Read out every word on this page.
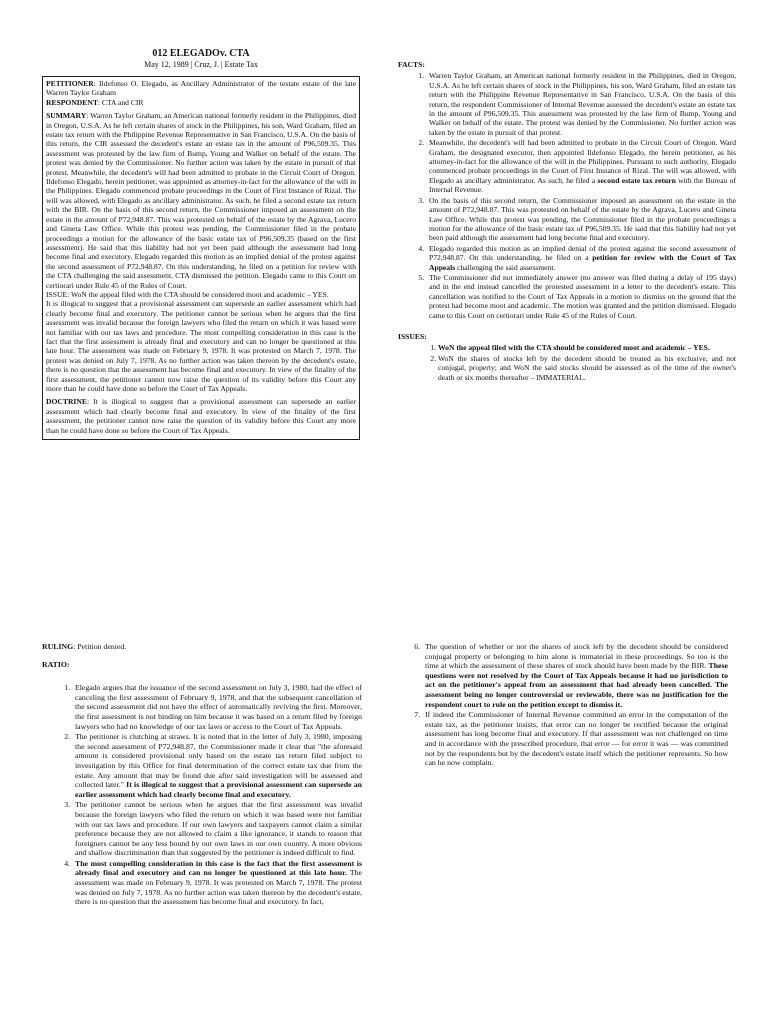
012 ELEGADOv. CTA
May 12, 1989 | Cruz, J. | Estate Tax

PETITIONER: Ildefonso O. Elegado, as Ancillary Administrator of the testate estate of the late Warren Taylor Graham

RESPONDENT: CTA and CIR

SUMMARY: Warren Taylor Graham, an American national formerly resident in the Philippines, died in Oregon, U.S.A. As he left certain shares of stock in the Philippines, his son, Ward Graham, filed an estate tax return with the Philippine Revenue Representative in San Francisco, U.S.A. On the basis of this return, the CIR assessed the decedent's estate an estate tax in the amount of P96,509.35. This assessment was protested by the law firm of Bump, Young and Walker on behalf of the estate. The protest was denied by the Commissioner. No further action was taken by the estate in pursuit of that protest. Meanwhile, the decedent's will had been admitted to probate in the Circuit Court of Oregon. Ildefonso Elegado, herein petitioner, was appointed as attorney-in-fact for the allowance of the will in the Philippines. Elegado commenced probate proceedings in the Court of First Instance of Rizal. The will was allowed, with Elegado as ancillary administrator. As such, he filed a second estate tax return with the BIR. On the basis of this second return, the Commissioner imposed an assessment on the estate in the amount of P72,948.87. This was protested on behalf of the estate by the Agrava, Lucero and Gineta Law Office. While this protest was pending, the Commissioner filed in the probate proceedings a motion for the allowance of the basic estate tax of P96,509.35 (based on the first assessment). He said that this liability had not yet been paid although the assessment had long become final and executory. Elegado regarded this motion as an implied denial of the protest against the second assessment of P72,948.87. On this understanding, he filed on a petition for review with the CTA challenging the said assessment. CTA dismissed the petition. Elegado came to this Court on certiorari under Rule 45 of the Rules of Court.

ISSUE: WoN the appeal filed with the CTA should be considered moot and academic – YES.

It is illogical to suggest that a provisional assessment can supersede an earlier assessment which had clearly become final and executory. The petitioner cannot be serious when he argues that the first assessment was invalid because the foreign lawyers who filed the return on which it was based were not familiar with our tax laws and procedure. The most compelling consideration in this case is the fact that the first assessment is already final and executory and can no longer be questioned at this late hour. The assessment was made on February 9, 1978. It was protested on March 7, 1978. The protest was denied on July 7, 1978. As no further action was taken thereon by the decedent's estate, there is no question that the assessment has become final and executory. In view of the finality of the first assessment, the petitioner cannot now raise the question of its validity before this Court any more than he could have done so before the Court of Tax Appeals.

DOCTRINE: It is illogical to suggest that a provisional assessment can supersede an earlier assessment which had clearly become final and executory. In view of the finality of the first assessment, the petitioner cannot now raise the question of its validity before this Court any more than he could have done so before the Court of Tax Appeals.

FACTS:
1. Warren Taylor Graham, an American national formerly resident in the Philippines, died in Oregon, U.S.A. As he left certain shares of stock in the Philippines, his son, Ward Graham, filed an estate tax return with the Philippine Revenue Representative in San Francisco, U.S.A. On the basis of this return, the respondent Commissioner of Internal Revenue assessed the decedent's estate an estate tax in the amount of P96,509.35. This assessment was protested by the law firm of Bump, Young and Walker on behalf of the estate. The protest was denied by the Commissioner. No further action was taken by the estate in pursuit of that protest.
2. Meanwhile, the decedent's will had been admitted to probate in the Circuit Court of Oregon. Ward Graham, the designated executor, then appointed Ildefonso Elegado, the herein petitioner, as his attorney-in-fact for the allowance of the will in the Philippines. Pursuant to such authority, Elegado commenced probate proceedings in the Court of First Instance of Rizal. The will was allowed, with Elegado as ancillary administrator. As such, he filed a second estate tax return with the Bureau of Internal Revenue.
3. On the basis of this second return, the Commissioner imposed an assessment on the estate in the amount of P72,948.87. This was protested on behalf of the estate by the Agrava, Lucero and Gineta Law Office. While this protest was pending, the Commissioner filed in the probate proceedings a motion for the allowance of the basic estate tax of P96,509.35. He said that this liability had not yet been paid although the assessment had long become final and executory.
4. Elegado regarded this motion as an implied denial of the protest against the second assessment of P72,948.87. On this understanding, he filed on a petition for review with the Court of Tax Appeals challenging the said assessment.
5. The Commissioner did not immediately answer (no answer was filed during a delay of 195 days) and in the end instead cancelled the protested assessment in a letter to the decedent's estate. This cancellation was notified to the Court of Tax Appeals in a motion to dismiss on the ground that the protest had become moot and academic. The motion was granted and the petition dismissed. Elegado came to this Court on certiorari under Rule 45 of the Rules of Court.
ISSUES:
1. WoN the appeal filed with the CTA should be considered moot and academic – YES.
2. WoN the shares of stocks left by the decedent should be treated as his exclusive, and not conjugal, property; and WoN the said stocks should be assessed as of the time of the owner's death or six months thereafter – IMMATERIAL.
RULING: Petition denied.
RATIO:
1. Elegado argues that the issuance of the second assessment on July 3, 1980, had the effect of canceling the first assessment of February 9, 1978, and that the subsequent cancellation of the second assessment did not have the effect of automatically reviving the first. Moreover, the first assessment is not binding on him because it was based on a return filed by foreign lawyers who had no knowledge of our tax laws or access to the Court of Tax Appeals.
2. The petitioner is clutching at straws. It is noted that in the letter of July 3, 1980, imposing the second assessment of P72,948.87, the Commissioner made it clear that "the aforesaid amount is considered provisional only based on the estate tax return filed subject to investigation by this Office for final determination of the correct estate tax due from the estate. Any amount that may be found due after said investigation will be assessed and collected later." It is illogical to suggest that a provisional assessment can supersede an earlier assessment which had clearly become final and executory.
3. The petitioner cannot be serious when he argues that the first assessment was invalid because the foreign lawyers who filed the return on which it was based were not familiar with our tax laws and procedure. If our own lawyers and taxpayers cannot claim a similar preference because they are not allowed to claim a like ignorance, it stands to reason that foreigners cannot be any less bound by our own laws in our own country. A more obvious and shallow discrimination than that suggested by the petitioner is indeed difficult to find.
4. The most compelling consideration in this case is the fact that the first assessment is already final and executory and can no longer be questioned at this late hour. The assessment was made on February 9, 1978. It was protested on March 7, 1978. The protest was denied on July 7, 1978. As no further action was taken thereon by the decedent's estate, there is no question that the assessment has become final and executory. In fact,
6. The question of whether or not the shares of stock left by the decedent should be considered conjugal property or belonging to him alone is immaterial in these proceedings. So too is the time at which the assessment of these shares of stock should have been made by the BIR. These questions were not resolved by the Court of Tax Appeals because it had no jurisdiction to act on the petitioner's appeal from an assessment that had already been cancelled. The assessment being no longer controversial or reviewable, there was no justification for the respondent court to rule on the petition except to dismiss it.
7. If indeed the Commissioner of Internal Revenue committed an error in the computation of the estate tax, as the petitioner insists, that error can no longer be rectified because the original assessment has long become final and executory. If that assessment was not challenged on time and in accordance with the prescribed procedure, that error — for error it was — was committed not by the respondents but by the decedent's estate itself which the petitioner represents. So how can he now complain.
